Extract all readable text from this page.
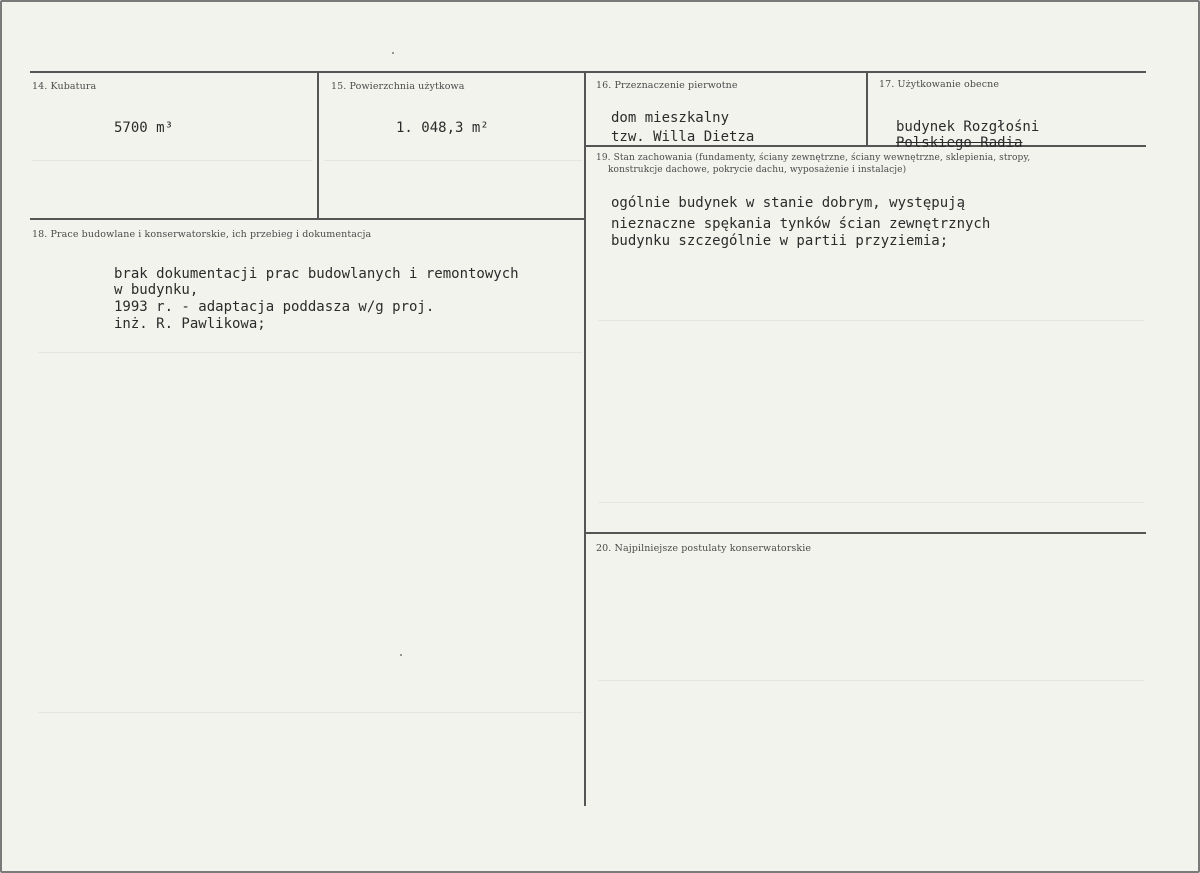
14. Kubatura
5700 m³
15. Powierzchnia użytkowa
1. 048,3 m²
16. Przeznaczenie pierwotne
dom mieszkalny
tzw. Willa Dietza
17. Użytkowanie obecne
budynek Rozgłośni
Polskiego Radia
18. Prace budowlane i konserwatorskie, ich przebieg i dokumentacja
brak dokumentacji prac budowlanych i remontowych
w budynku,
1993 r. - adaptacja poddasza w/g proj.
inż. R. Pawlikowa;
19. Stan zachowania (fundamenty, ściany zewnętrzne, ściany wewnętrzne, sklepienia, stropy,
konstrukcje dachowe, pokrycie dachu, wyposażenie i instalacje)
ogólnie budynek w stanie dobrym, występują
nieznaczne spękania tynków ścian zewnętrznych
budynku szczególnie w partii przyziemia;
20. Najpilniejsze postulaty konserwatorskie
